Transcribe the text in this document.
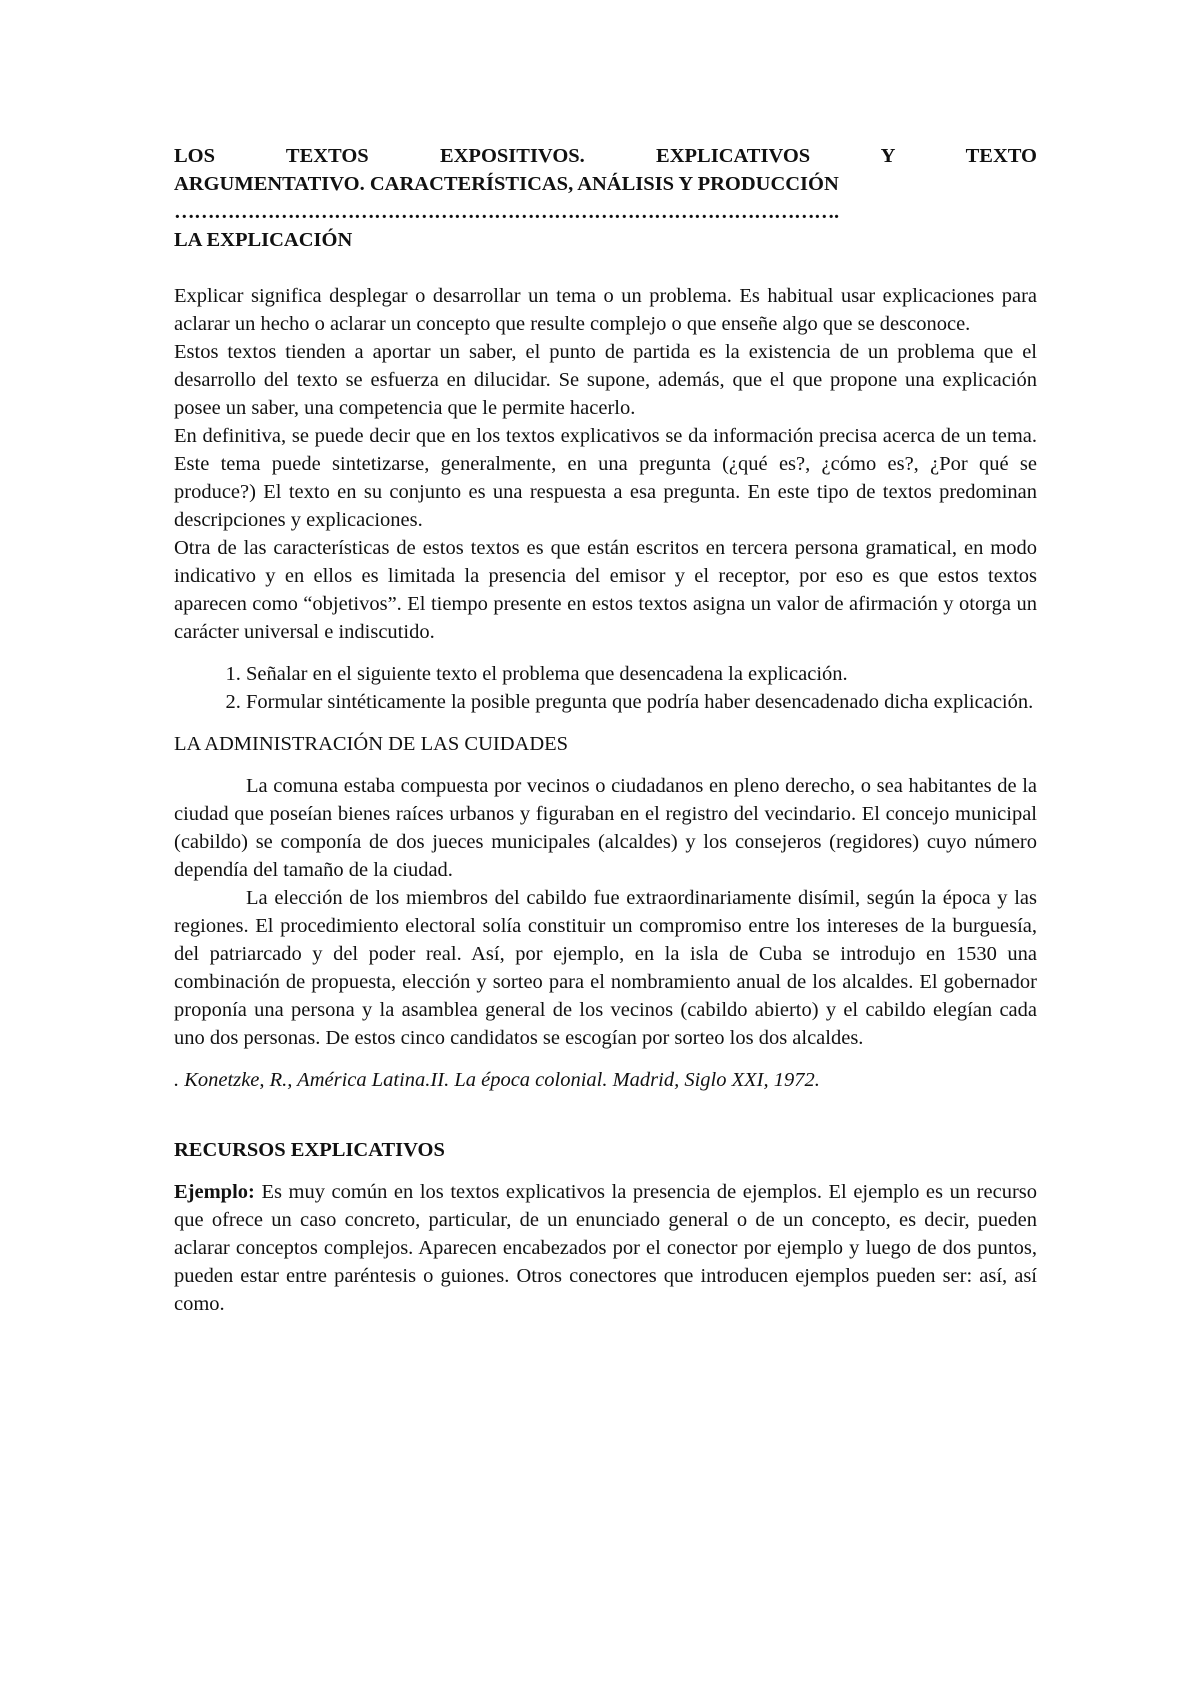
LOS TEXTOS EXPOSITIVOS. EXPLICATIVOS Y TEXTO
ARGUMENTATIVO. CARACTERÍSTICAS, ANÁLISIS Y PRODUCCIÓN
……………………………………………………………………………………….

LA EXPLICACIÓN

Explicar significa desplegar o desarrollar un tema o un problema. Es habitual usar explicaciones para aclarar un hecho o aclarar un concepto que resulte complejo o que enseñe algo que se desconoce.

Estos textos tienden a aportar un saber, el punto de partida es la existencia de un problema que el desarrollo del texto se esfuerza en dilucidar. Se supone, además, que el que propone una explicación posee un saber, una competencia que le permite hacerlo.

En definitiva, se puede decir que en los textos explicativos se da información precisa acerca de un tema. Este tema puede sintetizarse, generalmente, en una pregunta (¿qué es?, ¿cómo es?, ¿Por qué se produce?) El texto en su conjunto es una respuesta a esa pregunta. En este tipo de textos predominan descripciones y explicaciones.

Otra de las características de estos textos es que están escritos en tercera persona gramatical, en modo indicativo y en ellos es limitada la presencia del emisor y el receptor, por eso es que estos textos aparecen como “objetivos”. El tiempo presente en estos textos asigna un valor de afirmación y otorga un carácter universal e indiscutido.

1. Señalar en el siguiente texto el problema que desencadena la explicación.
2. Formular sintéticamente la posible pregunta que podría haber desencadenado dicha explicación.

LA ADMINISTRACIÓN DE LAS CUIDADES

La comuna estaba compuesta por vecinos o ciudadanos en pleno derecho, o sea habitantes de la ciudad que poseían bienes raíces urbanos y figuraban en el registro del vecindario. El concejo municipal (cabildo) se componía de dos jueces municipales (alcaldes) y los consejeros (regidores) cuyo número dependía del tamaño de la ciudad.

La elección de los miembros del cabildo fue extraordinariamente disímil, según la época y las regiones. El procedimiento electoral solía constituir un compromiso entre los intereses de la burguesía, del patriarcado y del poder real. Así, por ejemplo, en la isla de Cuba se introdujo en 1530 una combinación de propuesta, elección y sorteo para el nombramiento anual de los alcaldes. El gobernador proponía una persona y la asamblea general de los vecinos (cabildo abierto) y el cabildo elegían cada uno dos personas. De estos cinco candidatos se escogían por sorteo los dos alcaldes.

. Konetzke, R., América Latina.II. La época colonial. Madrid, Siglo XXI, 1972.

RECURSOS EXPLICATIVOS

Ejemplo: Es muy común en los textos explicativos la presencia de ejemplos. El ejemplo es un recurso que ofrece un caso concreto, particular, de un enunciado general o de un concepto, es decir, pueden aclarar conceptos complejos. Aparecen encabezados por el conector por ejemplo y luego de dos puntos, pueden estar entre paréntesis o guiones. Otros conectores que introducen ejemplos pueden ser: así, así como.
